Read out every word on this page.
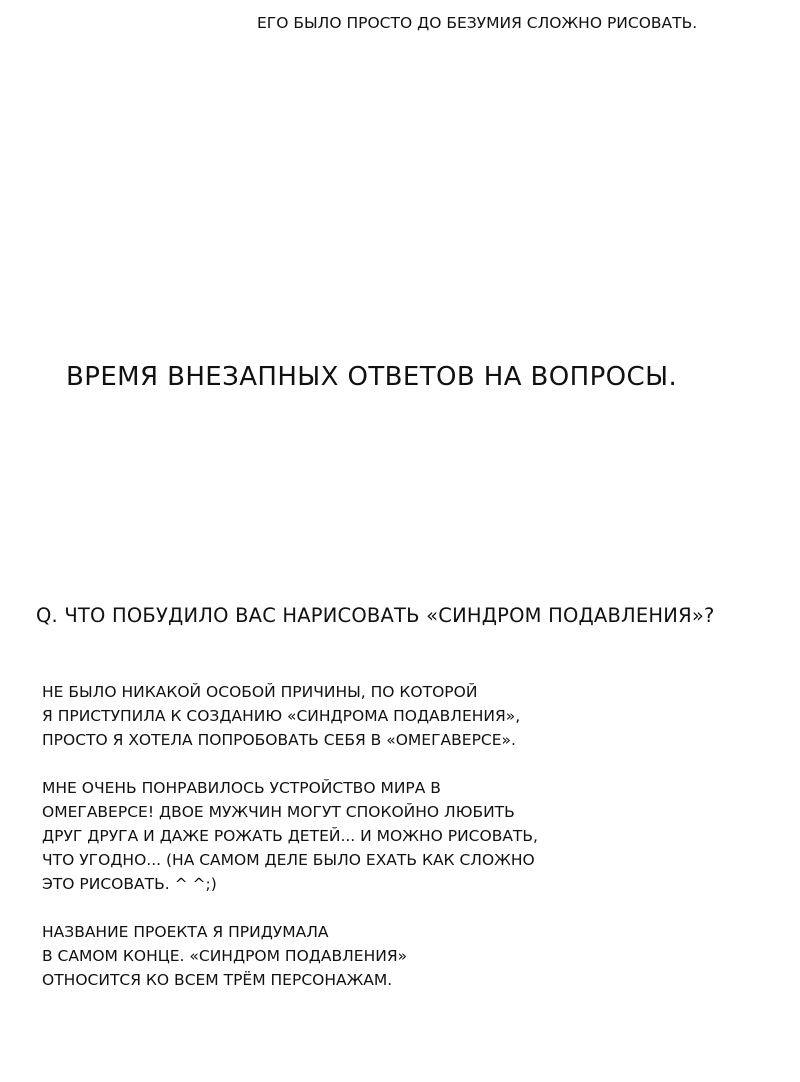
ЕГО БЫЛО ПРОСТО ДО БЕЗУМИЯ СЛОЖНО РИСОВАТЬ.
ВРЕМЯ ВНЕЗАПНЫХ ОТВЕТОВ НА ВОПРОСЫ.
Q. ЧТО ПОБУДИЛО ВАС НАРИСОВАТЬ «СИНДРОМ ПОДАВЛЕНИЯ»?
НЕ БЫЛО НИКАКОЙ ОСОБОЙ ПРИЧИНЫ, ПО КОТОРОЙ
Я ПРИСТУПИЛА К СОЗДАНИЮ «СИНДРОМА ПОДАВЛЕНИЯ»,
ПРОСТО Я ХОТЕЛА ПОПРОБОВАТЬ СЕБЯ В «ОМЕГАВЕРСЕ».
МНЕ ОЧЕНЬ ПОНРАВИЛОСЬ УСТРОЙСТВО МИРА В
ОМЕГАВЕРСЕ! ДВОЕ МУЖЧИН МОГУТ СПОКОЙНО ЛЮБИТЬ
ДРУГ ДРУГА И ДАЖЕ РОЖАТЬ ДЕТЕЙ... И МОЖНО РИСОВАТЬ,
ЧТО УГОДНО... (НА САМОМ ДЕЛЕ БЫЛО ЕХАТЬ КАК СЛОЖНО
ЭТО РИСОВАТЬ. ^ ^;)
НАЗВАНИЕ ПРОЕКТА Я ПРИДУМАЛА
В САМОМ КОНЦЕ. «СИНДРОМ ПОДАВЛЕНИЯ»
ОТНОСИТСЯ КО ВСЕМ ТРЁМ ПЕРСОНАЖАМ.
